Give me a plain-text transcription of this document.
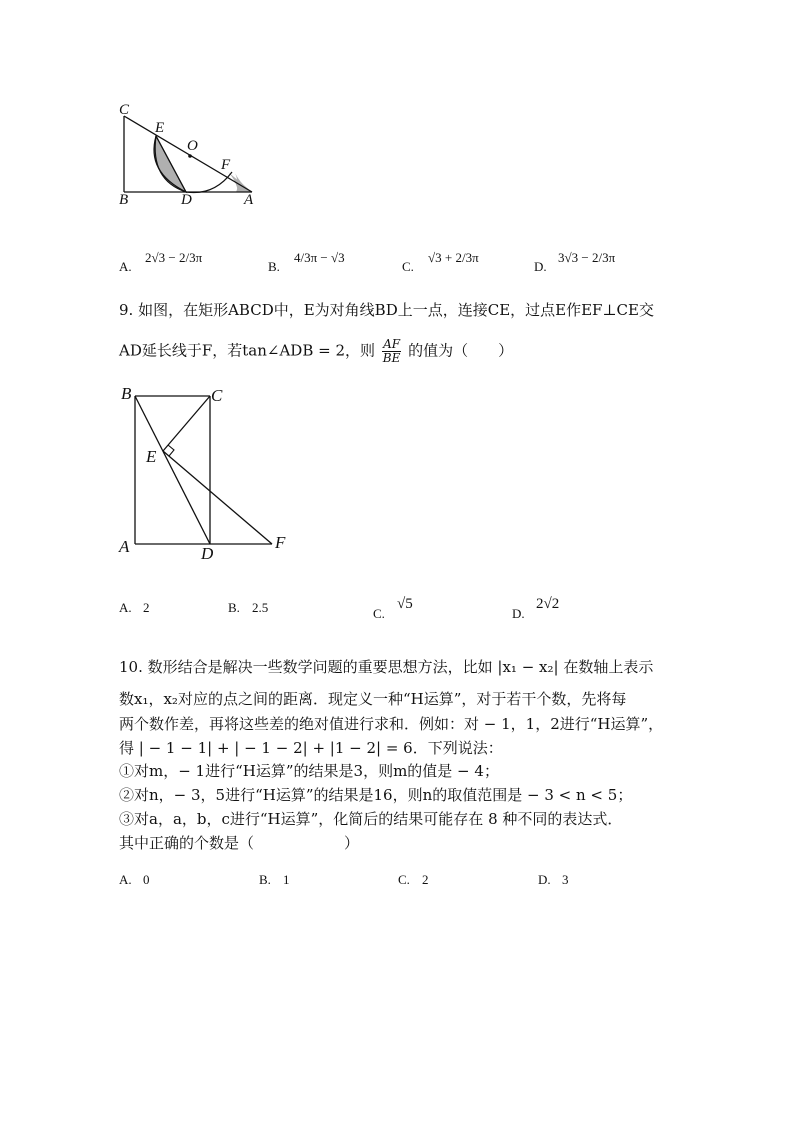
C
E
O
F
B	D	A
A.
2√3 − 2/3π
B.
4/3π − √3
C.
√3 + 2/3π
D.
3√3 − 2/3π
9. 如图，在矩形ABCD中，E为对角线BD上一点，连接CE，过点E作EF⊥CE交
AD延长线于F，若tan∠ADB = 2，则 $\frac{AF}{BE}$ 的值为（　　）
B	C
E
A	D
F
A. 2	B. 2.5	C.
√5
D.
2√2
10. 数形结合是解决一些数学问题的重要思想方法，比如 |x₁ − x₂| 在数轴上表示
数x₁，x₂对应的点之间的距离．现定义一种“H运算”，对于若干个数，先将每
两个数作差，再将这些差的绝对值进行求和．例如：对 − 1，1，2进行“H运算”，
得 | − 1 − 1| + | − 1 − 2| + |1 − 2| = 6．下列说法：
①对m，− 1进行“H运算”的结果是3，则m的值是 − 4；
②对n，− 3，5进行“H运算”的结果是16，则n的取值范围是 − 3 < n < 5；
③对a，a，b，c进行“H运算”，化简后的结果可能存在 8 种不同的表达式．
其中正确的个数是（　　　　　　）
A. 0	B. 1	C. 2	D. 3
